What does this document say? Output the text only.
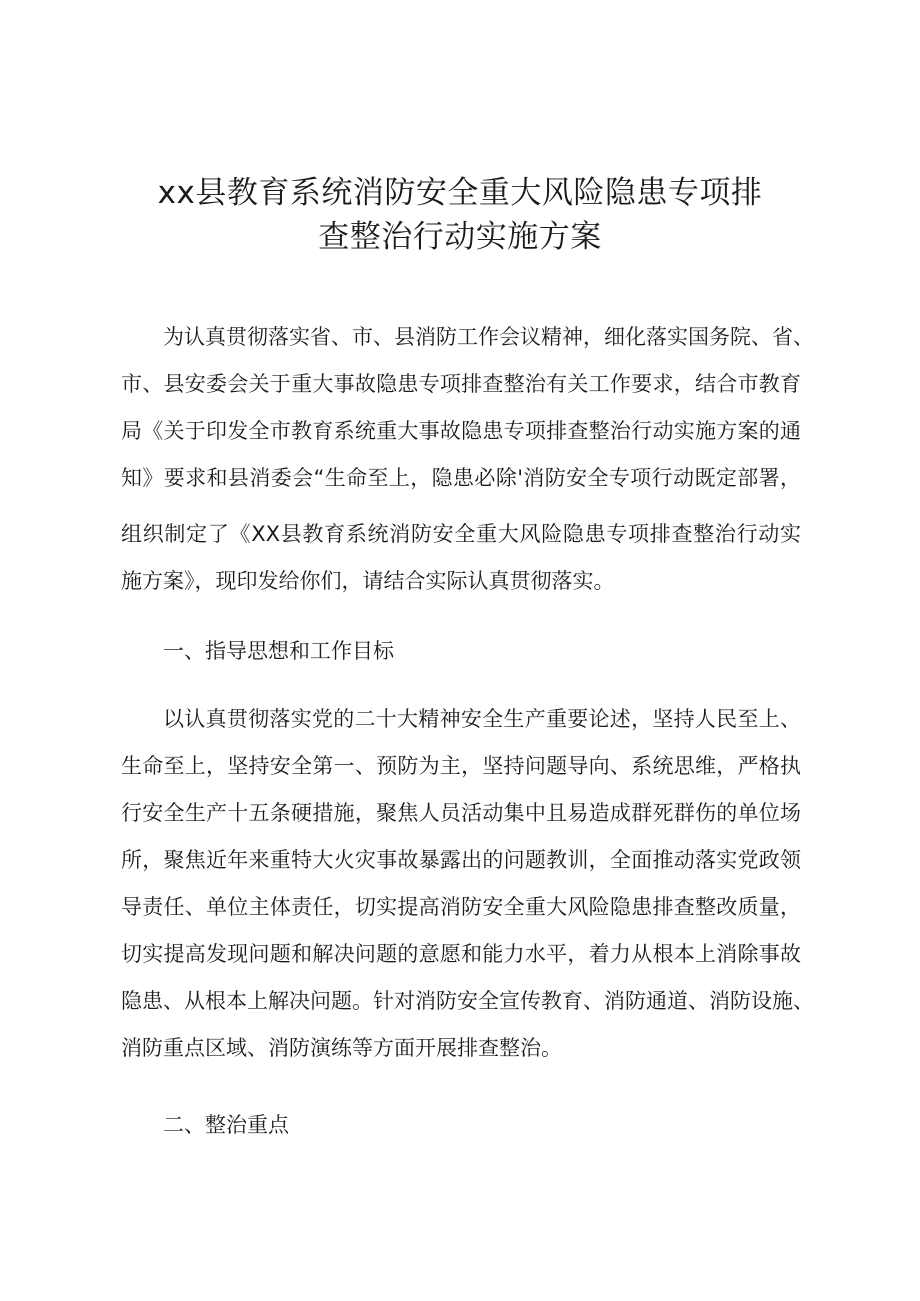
xx县教育系统消防安全重大风险隐患专项排
查整治行动实施方案

为认真贯彻落实省、市、县消防工作会议精神，细化落实国务院、省、

市、县安委会关于重大事故隐患专项排查整治有关工作要求，结合市教育

局《关于印发全市教育系统重大事故隐患专项排查整治行动实施方案的通

知》要求和县消委会“生命至上，隐患必除'消防安全专项行动既定部署，

组织制定了《XX县教育系统消防安全重大风险隐患专项排查整治行动实

施方案》，现印发给你们，请结合实际认真贯彻落实。

一、指导思想和工作目标

以认真贯彻落实党的二十大精神安全生产重要论述，坚持人民至上、

生命至上，坚持安全第一、预防为主，坚持问题导向、系统思维，严格执

行安全生产十五条硬措施，聚焦人员活动集中且易造成群死群伤的单位场

所，聚焦近年来重特大火灾事故暴露出的问题教训，全面推动落实党政领

导责任、单位主体责任，切实提高消防安全重大风险隐患排查整改质量，

切实提高发现问题和解决问题的意愿和能力水平，着力从根本上消除事故

隐患、从根本上解决问题。针对消防安全宣传教育、消防通道、消防设施、

消防重点区域、消防演练等方面开展排查整治。

二、整治重点
